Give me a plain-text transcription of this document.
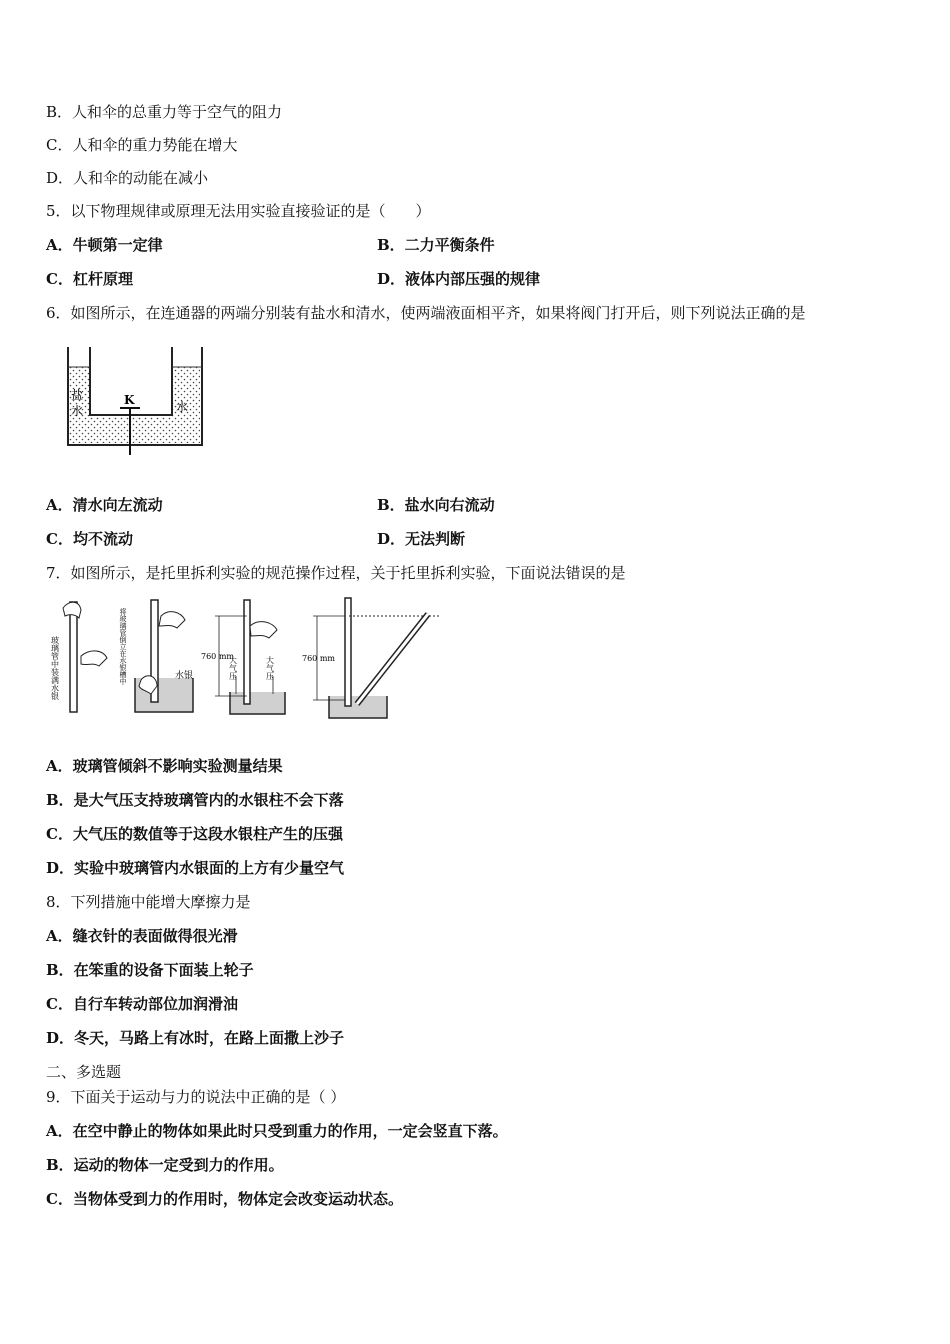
B．人和伞的总重力等于空气的阻力
C．人和伞的重力势能在增大
D．人和伞的动能在减小
5．以下物理规律或原理无法用实验直接验证的是（　　）
A．牛顿第一定律	B．二力平衡条件
C．杠杆原理	D．液体内部压强的规律
6．如图所示，在连通器的两端分别装有盐水和清水，使两端液面相平齐，如果将阀门打开后，则下列说法正确的是
K
盐
水	水
A．清水向左流动	B．盐水向右流动
C．均不流动	D．无法判断
7．如图所示，是托里拆利实验的规范操作过程，关于托里拆利实验，下面说法错误的是
玻璃管中装满水银	将玻璃管倒立在水银槽中	水银
760 mm
大气压	大气压	760 mm
A．玻璃管倾斜不影响实验测量结果
B．是大气压支持玻璃管内的水银柱不会下落
C．大气压的数值等于这段水银柱产生的压强
D．实验中玻璃管内水银面的上方有少量空气
8．下列措施中能增大摩擦力是
A．缝衣针的表面做得很光滑
B．在笨重的设备下面装上轮子
C．自行车转动部位加润滑油
D．冬天，马路上有冰时，在路上面撒上沙子
二、多选题
9．下面关于运动与力的说法中正确的是（ ）
A．在空中静止的物体如果此时只受到重力的作用，一定会竖直下落。
B．运动的物体一定受到力的作用。
C．当物体受到力的作用时，物体定会改变运动状态。
